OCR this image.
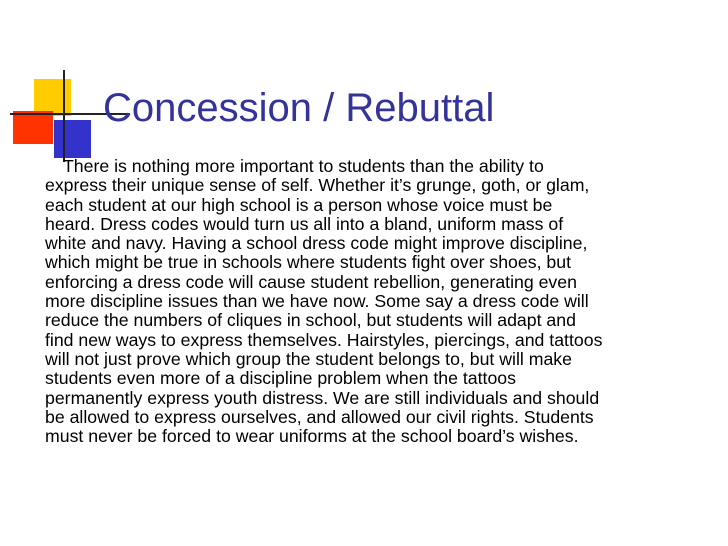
Concession / Rebuttal
There is nothing more important to students than the ability to
express their unique sense of self. Whether it’s grunge, goth, or glam,
each student at our high school is a person whose voice must be
heard. Dress codes would turn us all into a bland, uniform mass of
white and navy. Having a school dress code might improve discipline,
which might be true in schools where students fight over shoes, but
enforcing a dress code will cause student rebellion, generating even
more discipline issues than we have now. Some say a dress code will
reduce the numbers of cliques in school, but students will adapt and
find new ways to express themselves. Hairstyles, piercings, and tattoos
will not just prove which group the student belongs to, but will make
students even more of a discipline problem when the tattoos
permanently express youth distress. We are still individuals and should
be allowed to express ourselves, and allowed our civil rights. Students
must never be forced to wear uniforms at the school board’s wishes.
